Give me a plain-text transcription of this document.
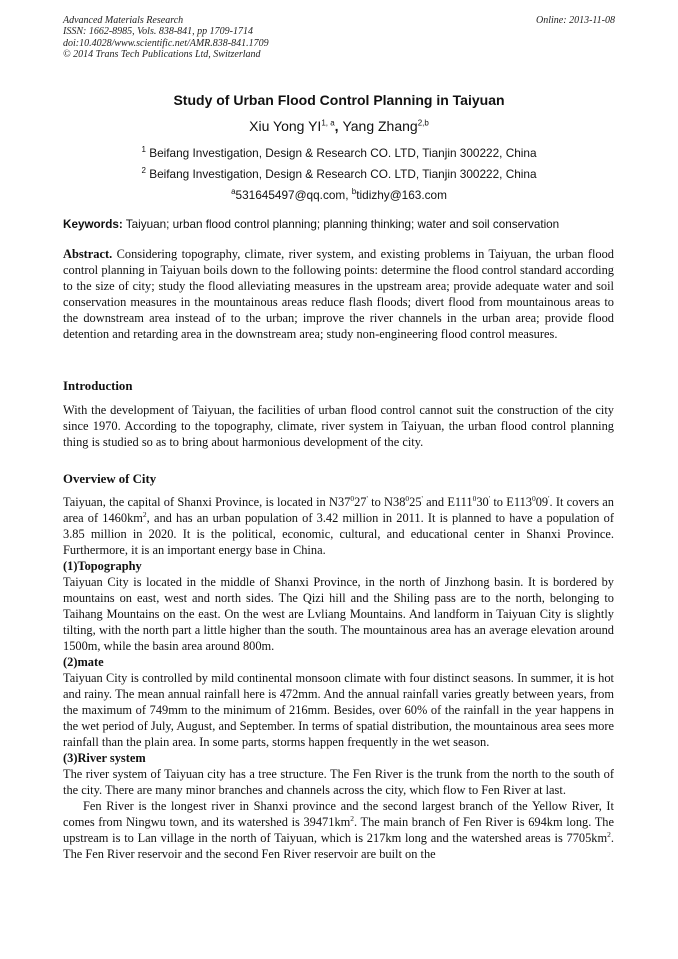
Advanced Materials Research
ISSN: 1662-8985, Vols. 838-841, pp 1709-1714
doi:10.4028/www.scientific.net/AMR.838-841.1709
© 2014 Trans Tech Publications Ltd, Switzerland
Online: 2013-11-08
Study of Urban Flood Control Planning in Taiyuan
Xiu Yong YI$^{1, a}$, Yang Zhang$^{2,b}$
$^1$ Beifang Investigation, Design & Research CO. LTD, Tianjin 300222, China
$^2$ Beifang Investigation, Design & Research CO. LTD, Tianjin 300222, China
$^a$531645497@qq.com, $^b$tidizhy@163.com
Keywords: Taiyuan; urban flood control planning; planning thinking; water and soil conservation

Abstract. Considering topography, climate, river system, and existing problems in Taiyuan, the urban flood control planning in Taiyuan boils down to the following points: determine the flood control standard according to the size of city; study the flood alleviating measures in the upstream area; provide adequate water and soil conservation measures in the mountainous areas reduce flash floods; divert flood from mountainous areas to the downstream area instead of to the urban; improve the river channels in the urban area; provide flood detention and retarding area in the downstream area; study non-engineering flood control measures.

Introduction

With the development of Taiyuan, the facilities of urban flood control cannot suit the construction of the city since 1970. According to the topography, climate, river system in Taiyuan, the urban flood control planning thing is studied so as to bring about harmonious development of the city.

Overview of City

Taiyuan, the capital of Shanxi Province, is located in $N37^027'$ to $N38^025'$ and $E111^030'$ to $E113^009'$. It covers an area of $1460km^2$, and has an urban population of 3.42 million in 2011. It is planned to have a population of 3.85 million in 2020. It is the political, economic, cultural, and educational center in Shanxi Province. Furthermore, it is an important energy base in China.

(1)Topography

Taiyuan City is located in the middle of Shanxi Province, in the north of Jinzhong basin. It is bordered by mountains on east, west and north sides. The Qizi hill and the Shiling pass are to the north, belonging to Taihang Mountains on the east. On the west are Lvliang Mountains. And landform in Taiyuan City is slightly tilting, with the north part a little higher than the south. The mountainous area has an average elevation around 1500m, while the basin area around 800m.

(2)mate

Taiyuan City is controlled by mild continental monsoon climate with four distinct seasons. In summer, it is hot and rainy. The mean annual rainfall here is 472mm. And the annual rainfall varies greatly between years, from the maximum of 749mm to the minimum of 216mm. Besides, over 60% of the rainfall in the year happens in the wet period of July, August, and September. In terms of spatial distribution, the mountainous area sees more rainfall than the plain area. In some parts, storms happen frequently in the wet season.

(3)River system

The river system of Taiyuan city has a tree structure. The Fen River is the trunk from the north to the south of the city. There are many minor branches and channels across the city, which flow to Fen River at last.

Fen River is the longest river in Shanxi province and the second largest branch of the Yellow River, It comes from Ningwu town, and its watershed is $39471km^2$. The main branch of Fen River is 694km long. The upstream is to Lan village in the north of Taiyuan, which is 217km long and the watershed areas is $7705km^2$. The Fen River reservoir and the second Fen River reservoir are built on the
